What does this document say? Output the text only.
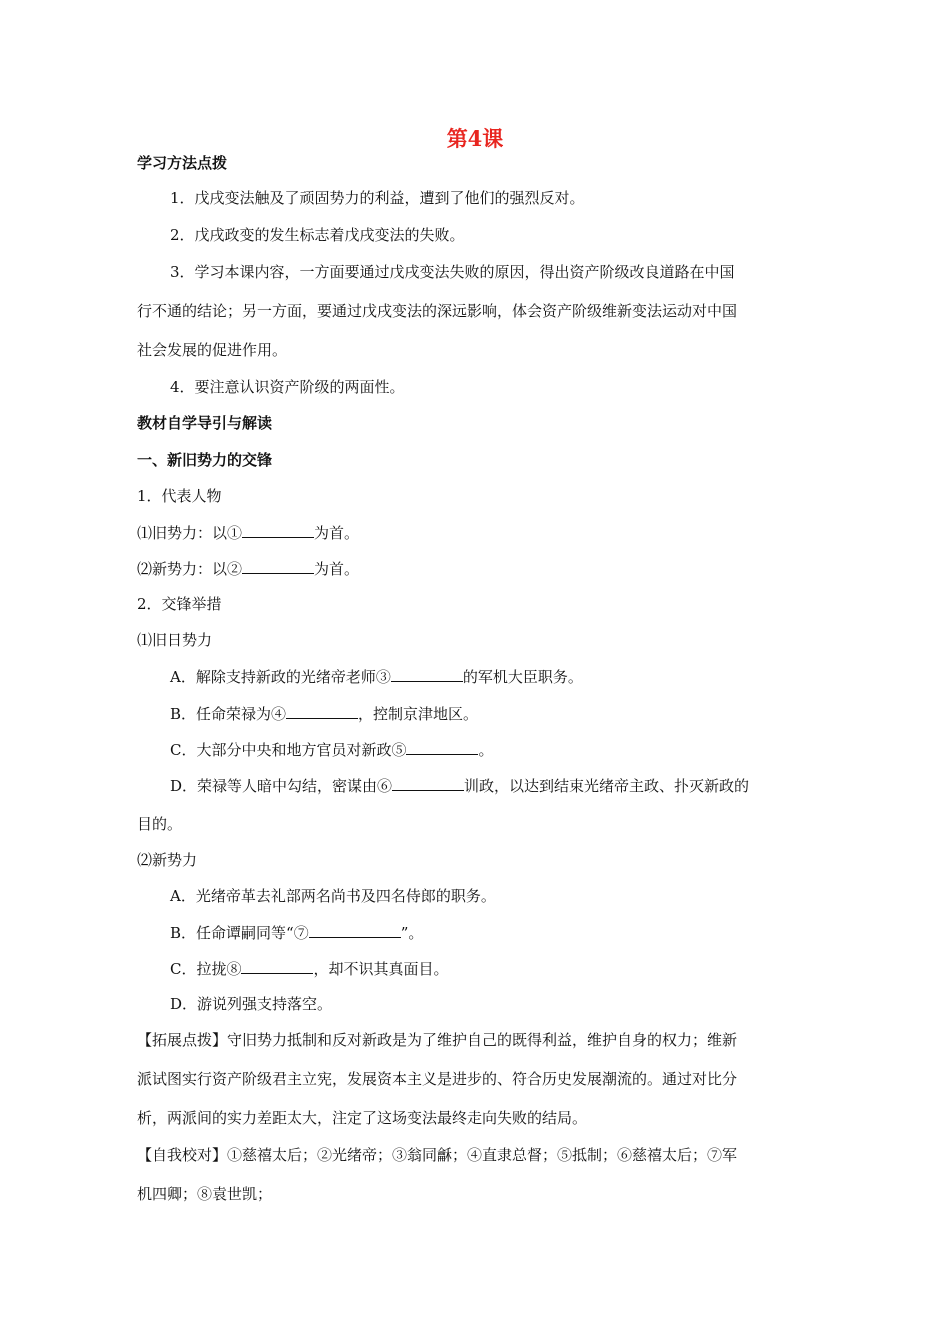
第4课
学习方法点拨
1．戊戌变法触及了顽固势力的利益，遭到了他们的强烈反对。
2．戊戌政变的发生标志着戊戌变法的失败。
3．学习本课内容，一方面要通过戊戌变法失败的原因，得出资产阶级改良道路在中国
行不通的结论；另一方面，要通过戊戌变法的深远影响，体会资产阶级维新变法运动对中国
社会发展的促进作用。
4．要注意认识资产阶级的两面性。
教材自学导引与解读
一、新旧势力的交锋
1．代表人物
⑴旧势力：以①	为首。
⑵新势力：以②	为首。
2．交锋举措
⑴旧日势力
A．解除支持新政的光绪帝老师③	的军机大臣职务。
B．任命荣禄为④	，控制京津地区。
C．大部分中央和地方官员对新政⑤	。
D．荣禄等人暗中勾结，密谋由⑥	训政，以达到结束光绪帝主政、扑灭新政的
目的。
⑵新势力
A．光绪帝革去礼部两名尚书及四名侍郎的职务。
B．任命谭嗣同等“⑦	”。
C．拉拢⑧	，却不识其真面目。
D．游说列强支持落空。
【拓展点拨】守旧势力抵制和反对新政是为了维护自己的既得利益，维护自身的权力；维新
派试图实行资产阶级君主立宪，发展资本主义是进步的、符合历史发展潮流的。通过对比分
析，两派间的实力差距太大，注定了这场变法最终走向失败的结局。
【自我校对】①慈禧太后；②光绪帝；③翁同龢；④直隶总督；⑤抵制；⑥慈禧太后；⑦军
机四卿；⑧袁世凯；
